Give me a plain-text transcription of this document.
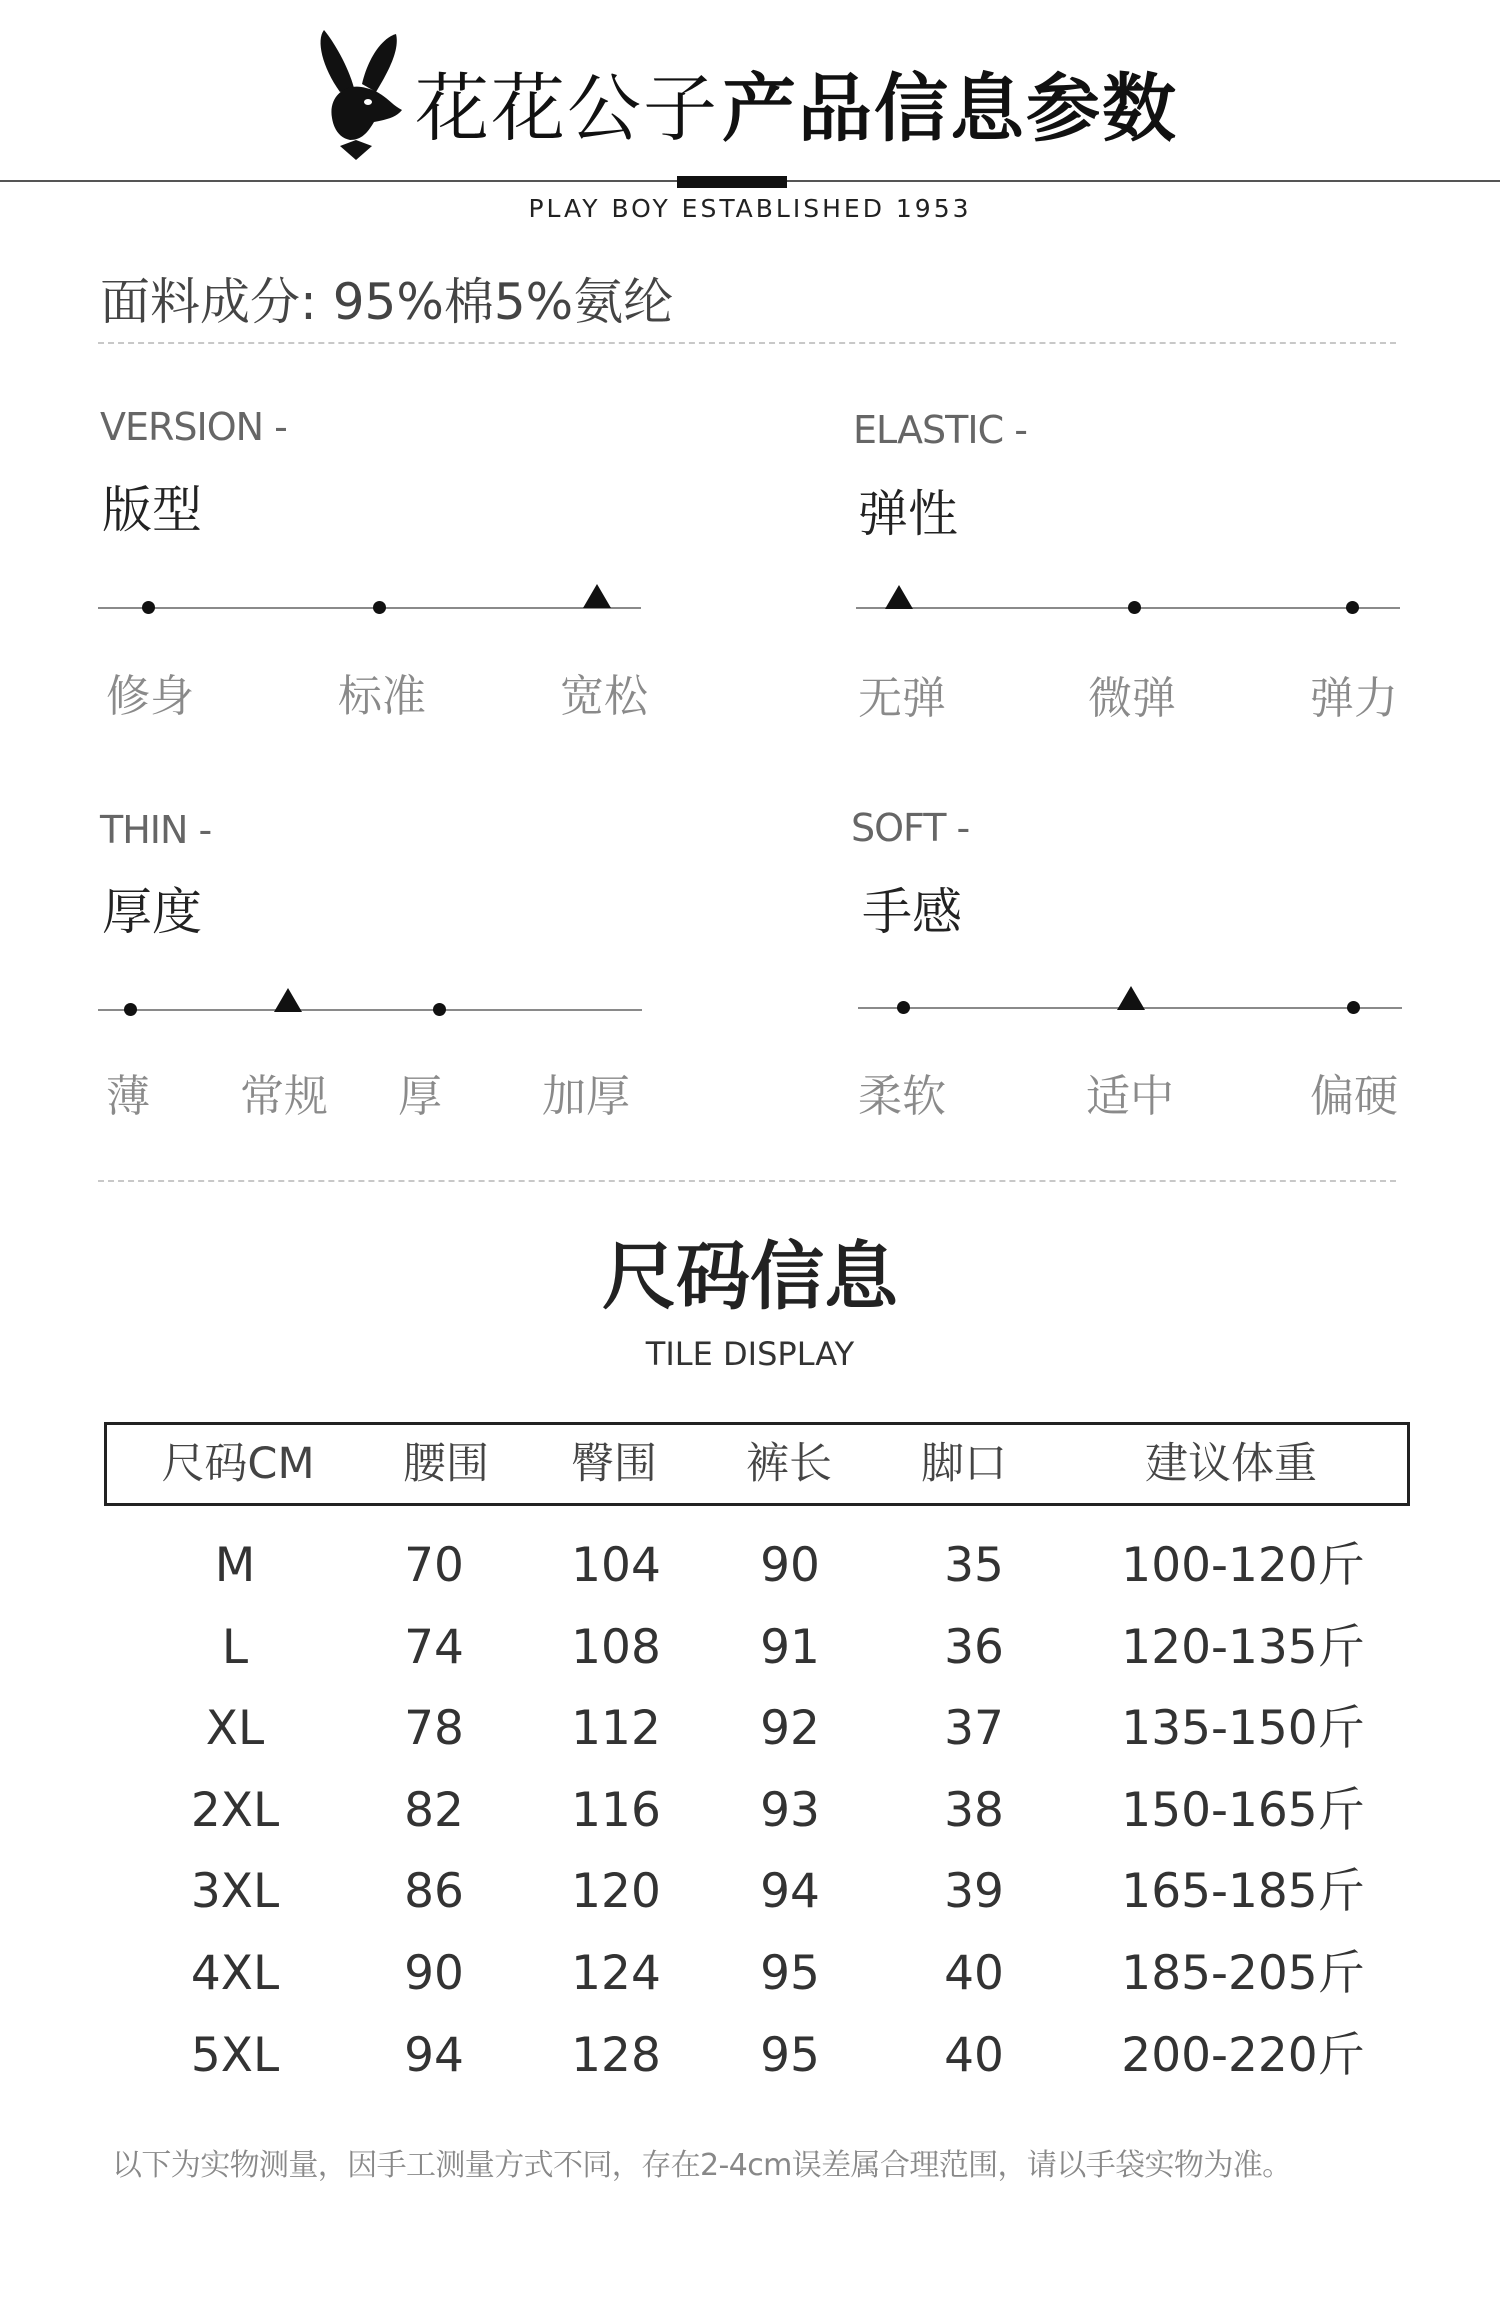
花花公子 产品信息参数
PLAY BOY ESTABLISHED 1953
面料成分: 95%棉5%氨纶
VERSION -
版型
修身	标准	宽松
ELASTIC -
弹性
无弹	微弹	弹力
THIN -
厚度
薄 常规 厚 加厚
SOFT -
手感
柔软	适中	偏硬
尺码信息
TILE DISPLAY
尺码CM	腰围	臀围	裤长	脚口	建议体重
M	70	104	90	35	100-120斤
L	74	108	91	36	120-135斤
XL	78	112	92	37	135-150斤
2XL	82	116	93	38	150-165斤
3XL	86	120	94	39	165-185斤
4XL	90	124	95	40	185-205斤
5XL	94	128	95	40	200-220斤
以下为实物测量，因手工测量方式不同，存在2-4cm误差属合理范围，请以手袋实物为准。
